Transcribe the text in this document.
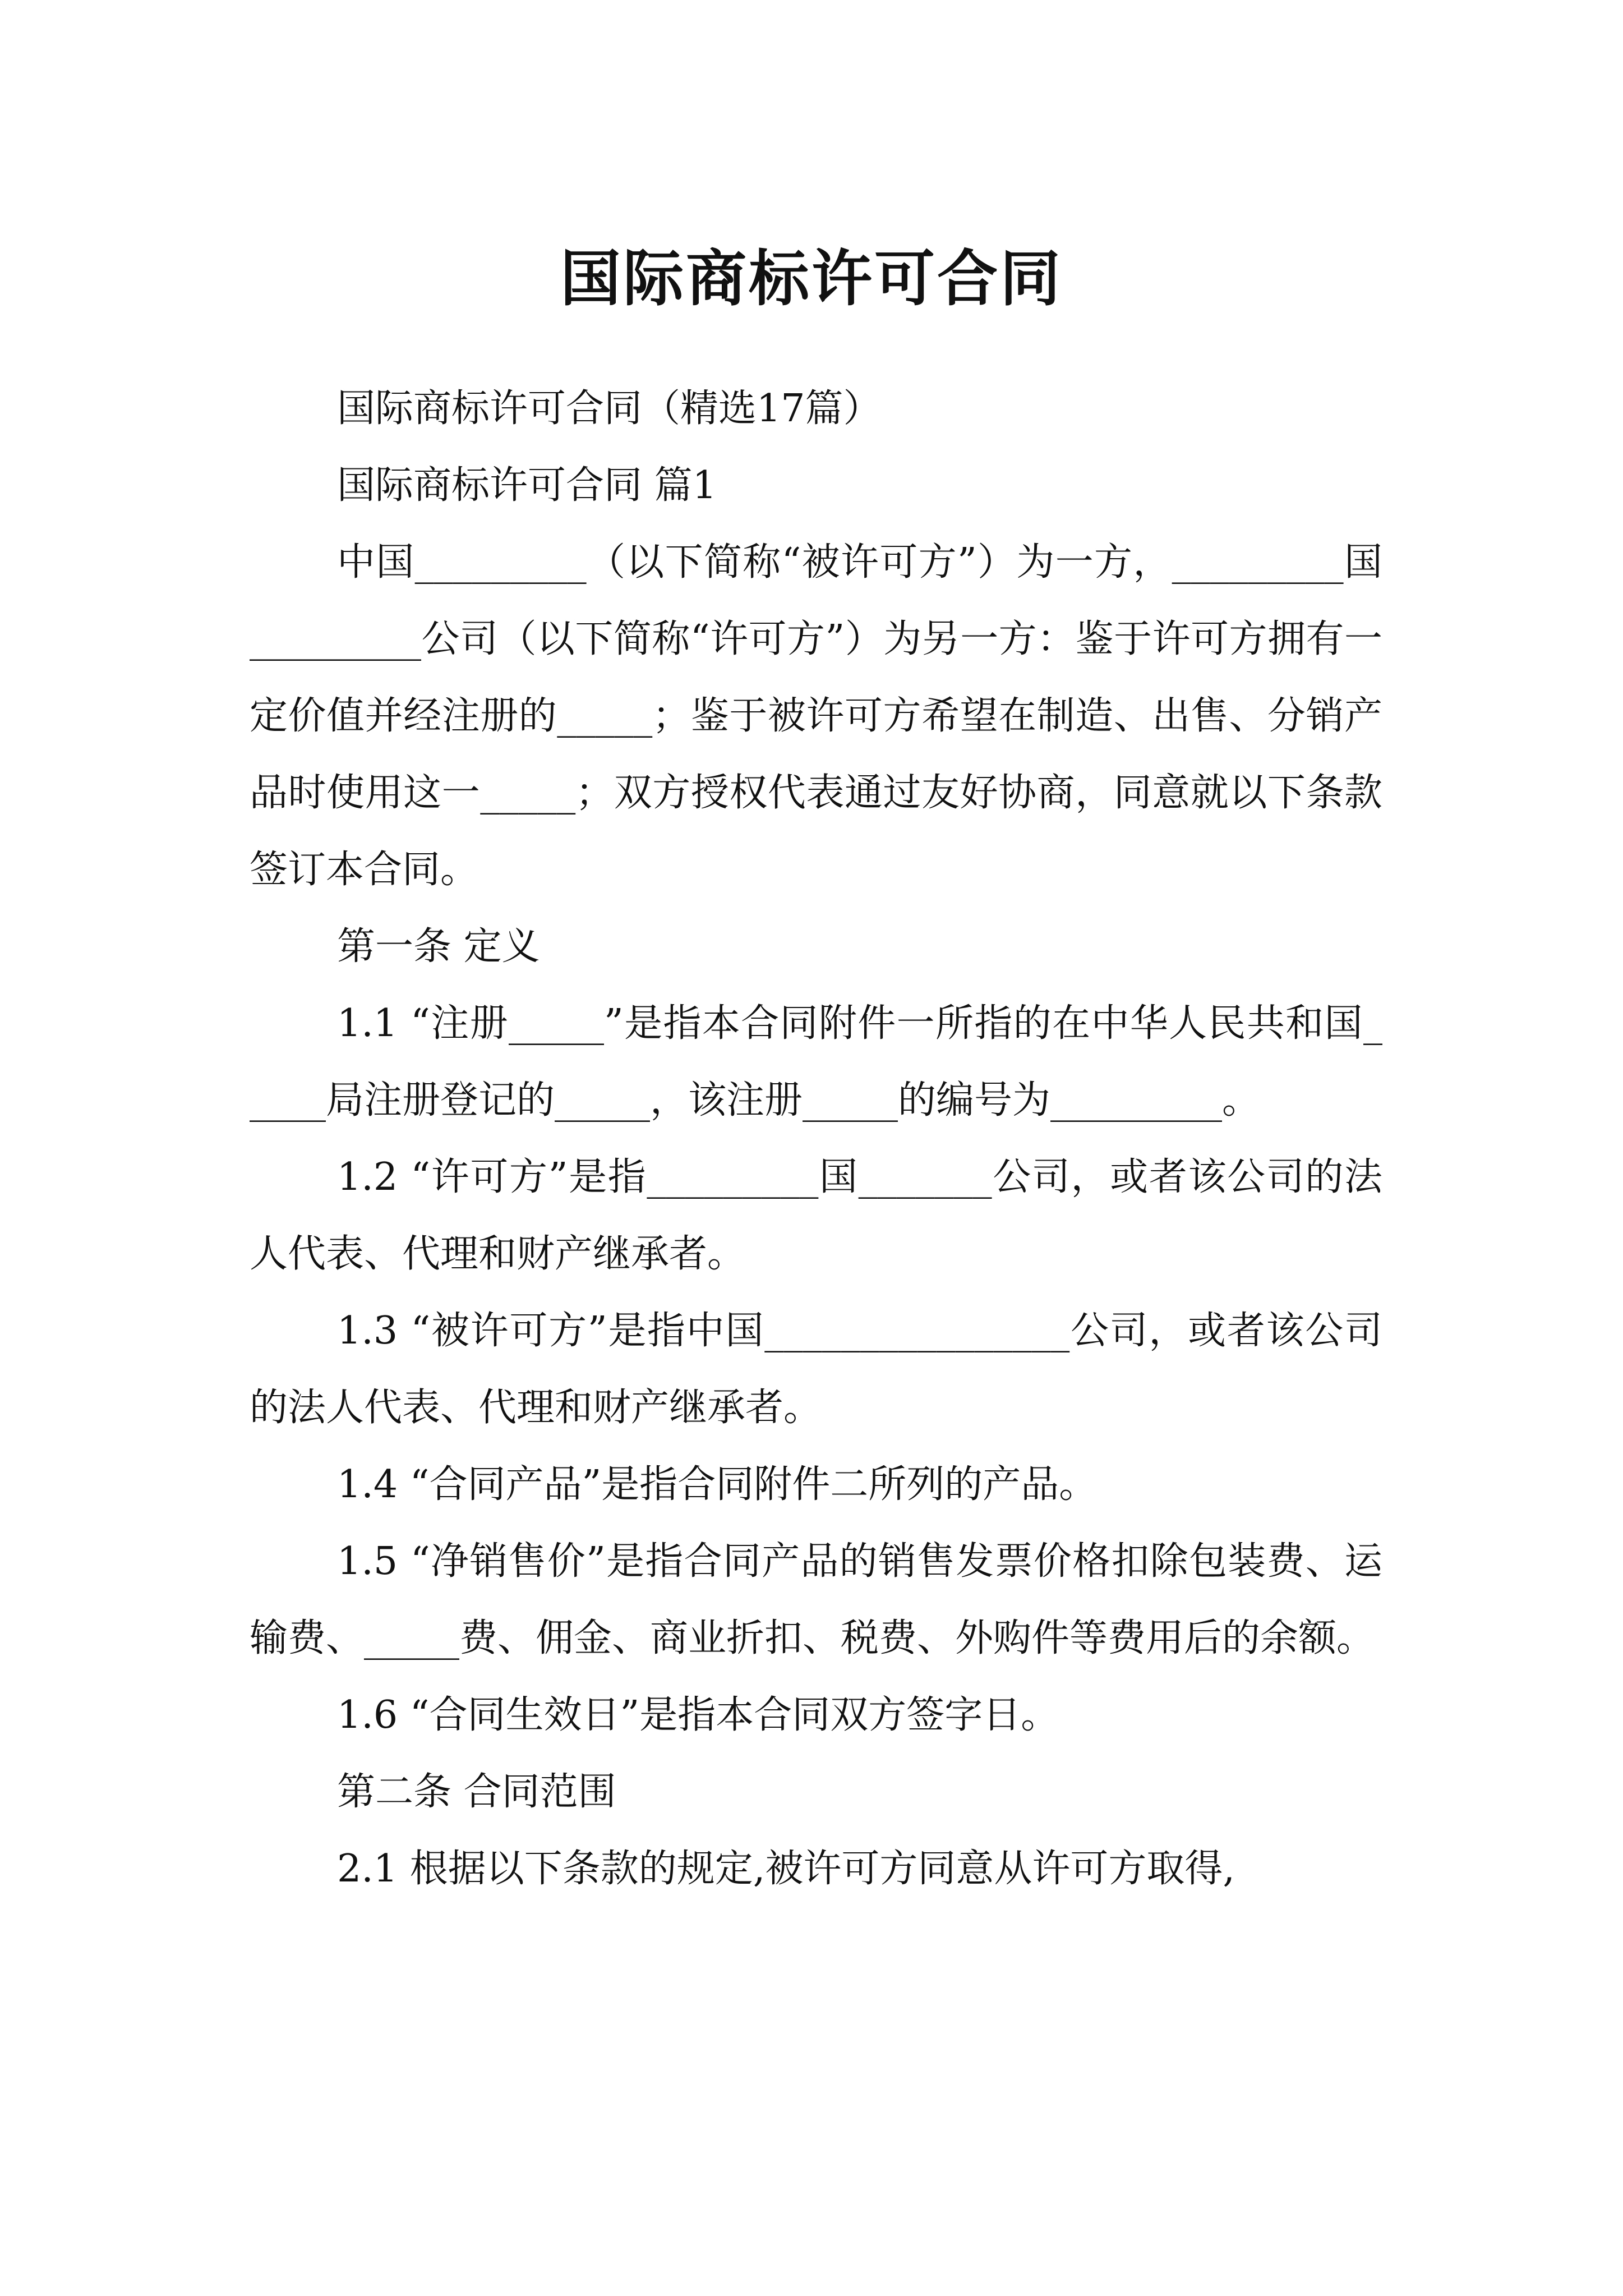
国际商标许可合同

国际商标许可合同（精选17篇）

国际商标许可合同 篇1

中国_________（以下简称“被许可方”）为一方，_________国_________公司（以下简称“许可方”）为另一方：鉴于许可方拥有一定价值并经注册的_____；鉴于被许可方希望在制造、出售、分销产品时使用这一_____；双方授权代表通过友好协商，同意就以下条款签订本合同。

第一条 定义

1.1 “注册_____”是指本合同附件一所指的在中华人民共和国_____局注册登记的_____，该注册_____的编号为_________。

1.2 “许可方”是指_________国_______公司，或者该公司的法人代表、代理和财产继承者。

1.3 “被许可方”是指中国________________公司，或者该公司的法人代表、代理和财产继承者。

1.4 “合同产品”是指合同附件二所列的产品。

1.5 “净销售价”是指合同产品的销售发票价格扣除包装费、运输费、_____费、佣金、商业折扣、税费、外购件等费用后的余额。

1.6 “合同生效日”是指本合同双方签字日。

第二条 合同范围

2.1 根据以下条款的规定,被许可方同意从许可方取得,
